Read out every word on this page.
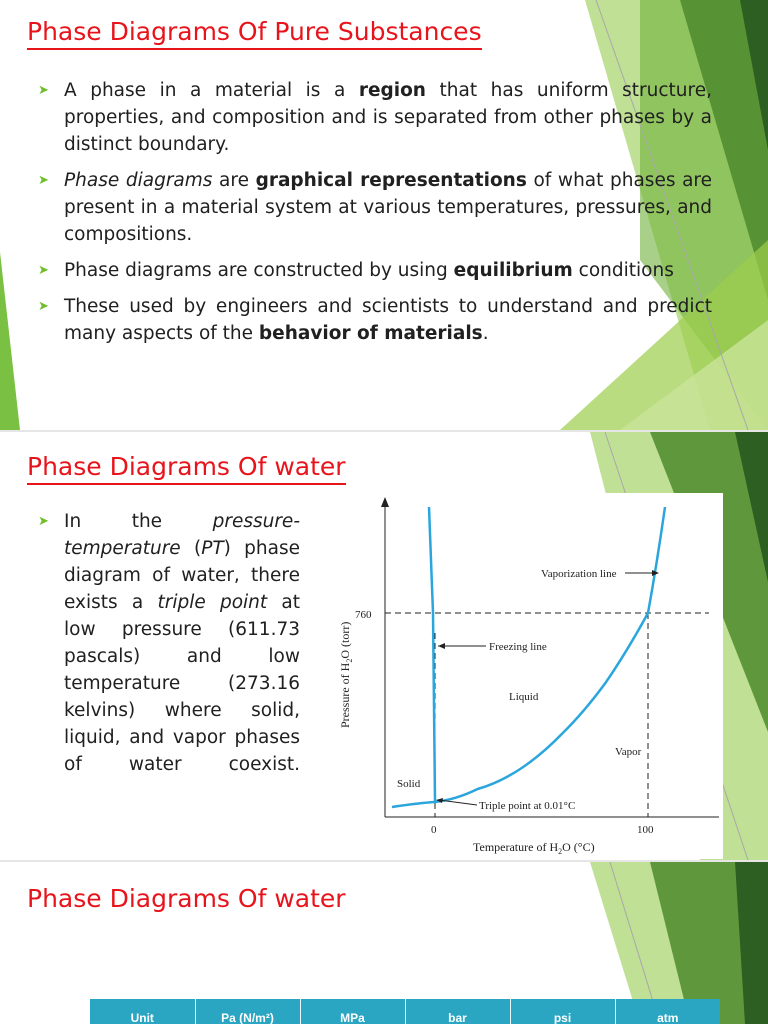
Phase Diagrams Of Pure Substances
➤ A phase in a material is a region that has uniform structure, properties, and composition and is separated from other phases by a distinct boundary.
➤ Phase diagrams are graphical representations of what phases are present in a material system at various temperatures, pressures, and compositions.
➤ Phase diagrams are constructed by using equilibrium conditions
➤ These used by engineers and scientists to understand and predict many aspects of the behavior of materials.
Phase Diagrams Of water
➤ In the pressure-temperature (PT) phase diagram of water, there exists a triple point at low pressure (611.73 pascals) and low temperature (273.16 kelvins) where solid, liquid, and vapor phases of water coexist.
760
0	100
Temperature of $H_2O$ (°C)
Pressure of $H_2O$ (torr)	Freezing line
Vaporization line
Liquid
Solid
Vapor
Triple point at 0.01°C
Phase Diagrams Of water
Unit	Pa (N/m²)	MPa	bar	psi	atm
